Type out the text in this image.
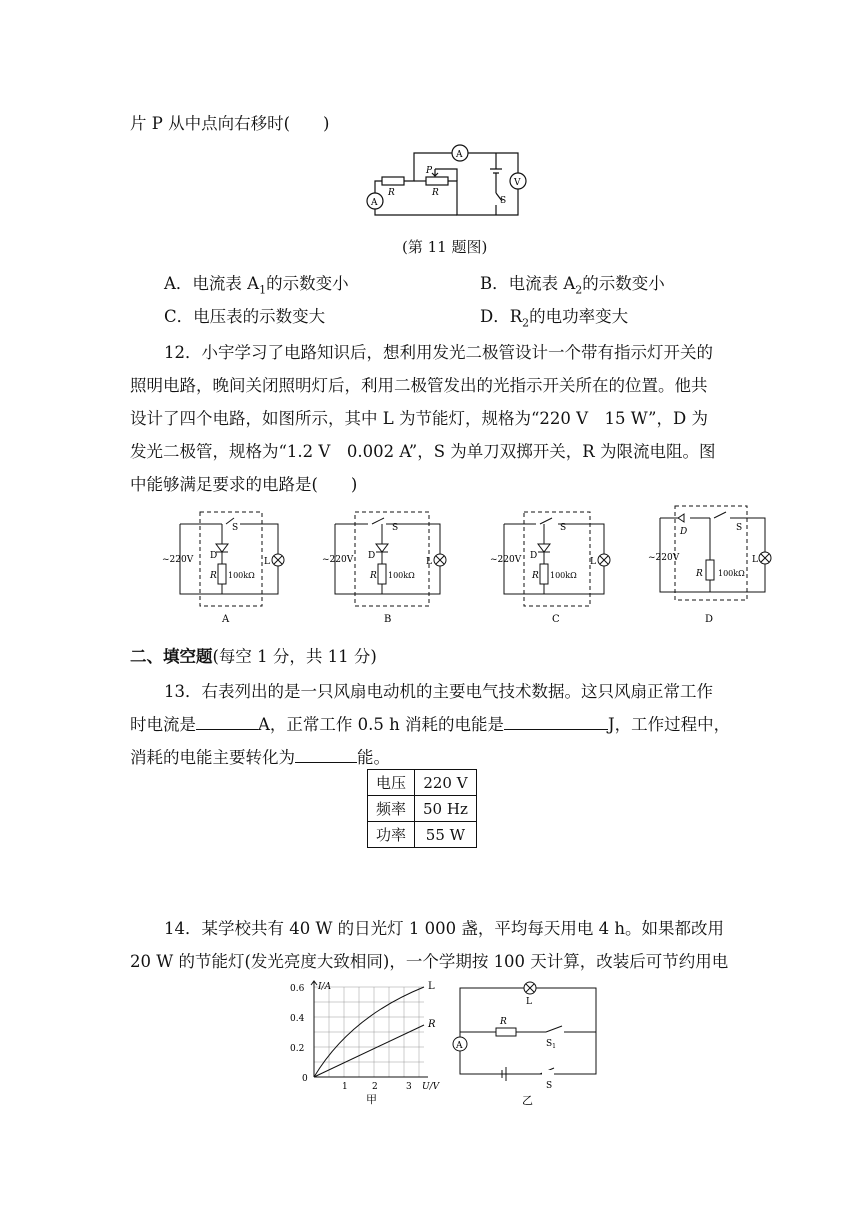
片 P 从中点向右移时(　　)
A
A
V
R	R
P
S
(第 11 题图)
A．电流表 $A_1$的示数变小	B．电流表 $A_2$的示数变小
C．电压表的示数变大	D．$R_2$的电功率变大
12．小宇学习了电路知识后，想利用发光二极管设计一个带有指示灯开关的
照明电路，晚间关闭照明灯后，利用二极管发出的光指示开关所在的位置。他共
设计了四个电路，如图所示，其中 L 为节能灯，规格为“220 V　15 W”，D 为
发光二极管，规格为“1.2 V　0.002 A”，S 为单刀双掷开关，R 为限流电阻。图
中能够满足要求的电路是(　　)
~220V D
R 100kΩ
S
L
A
~220V D
R 100kΩ
S
L
B
~220V D
R 100kΩ
S
L
C
~220V
D
R 100kΩ
S
L
D
二、填空题(每空 1 分，共 11 分)
13．右表列出的是一只风扇电动机的主要电气技术数据。这只风扇正常工作
时电流是	A，正常工作 0.5 h 消耗的电能是	J，工作过程中，
消耗的电能主要转化为	能。
电压	220 V
频率	50 Hz
功率	55 W
14．某学校共有 40 W 的日光灯 1 000 盏，平均每天用电 4 h。如果都改用
20 W 的节能灯(发光亮度大致相同)，一个学期按 100 天计算，改装后可节约用电
0.6
0.4
0.2
0
1	2	3
I/A
U/V
L
R
甲
L
R
$S_1$
A
S
乙
